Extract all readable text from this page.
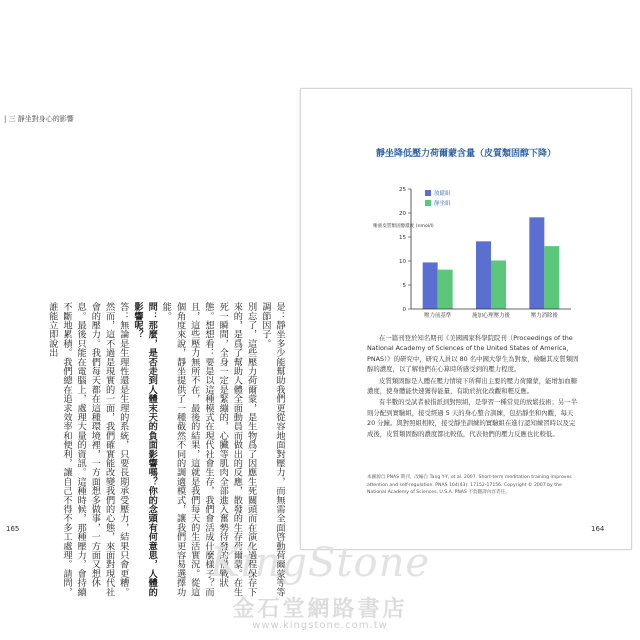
| 三 靜坐對身心的影響

是：靜坐多少能幫助我們更從容地面對壓力，而無需全面啓動荷爾蒙等等調節因子。

別忘了，這些壓力荷爾蒙，是生物爲了因應生死關頭而在演化過程保存下來的，是爲了幫助人體全面動員而做出的反應，散發的生存荷爾蒙。在生死一瞬間，全身一定是緊繃的，心臟等肌肉全部進入奮勢待發的備戰狀態。想想看：要是以這種模式在現代社會生存，我們會活成什麼樣子？而且，這些壓力無所不在，最後的結果，這就是我們每天的生活實況。從這個角度來說，靜坐提供了一種截然不同的調適模式，讓我們更容易選擇功能。

問：那麼，是否走到人體末天的負面影響嗎？你的念頭有何意思，人體的影響呢？

答：無論是生理性還是生理的系統，只要長期承受壓力，結果只會更糟。然而，這不過是現實的一面，我們確實能改變我們的心態，來面對現代社會的壓力。我們每天都在這種環境裡，一方面想多做事，一方面又想休息。最後只能在電腦上，處理大量的資訊。這種時候，那種壓力，會持續不斷地累積。我們總在追求效率和便利，讓自己不得不多工處理。請問，誰能立即說出

165
靜坐降低壓力荷爾蒙含量（皮質類固醇下降）
唾液皮質類固醇濃度 (nmol/l)
0
5
10
15
20
25
壓力前基準	施加心理壓力後	壓力消除後
放鬆組
靜坐組

在一篇刊登於知名期刊《美國國家科學院院刊（Proceedings of the National Academy of Sciences of the United States of America，PNAS）》的研究中，研究人員以 80 名中國大學生為對象，檢驗其皮質類固醇的濃度，以了解他們在心算時所感受到的壓力程度。

皮質類固醇是人體在壓力情境下所釋出主要的壓力荷爾蒙，能增加血糖濃度，使身體能快速獲得能量，有助於抗化改觀和輕反應。

有半數的受試者被指派到對照組，是學習一種常見的放鬆技術；另一半則分配到實驗組，接受經過 5 天的身心整合訓練，包括靜坐和內觀，每天 20 分鐘。與對照組相較，接受靜坐訓練的實驗組在進行認知練習時以及完成後，皮質類固醇的濃度都比較低，代表他們的壓力反應也比較低。

本圖源自 PNAS 期刊，改編自 Tang Y-Y, et al. 2007. Short-term meditation training improves attention and self-regulation. PNAS 104(43): 17152-17156. Copyright © 2007 by the National Academy of Sciences, U.S.A. PNAS 不負翻譯內容責任。
164
KingStone
金石堂網路書店
www.kingstone.com.tw
